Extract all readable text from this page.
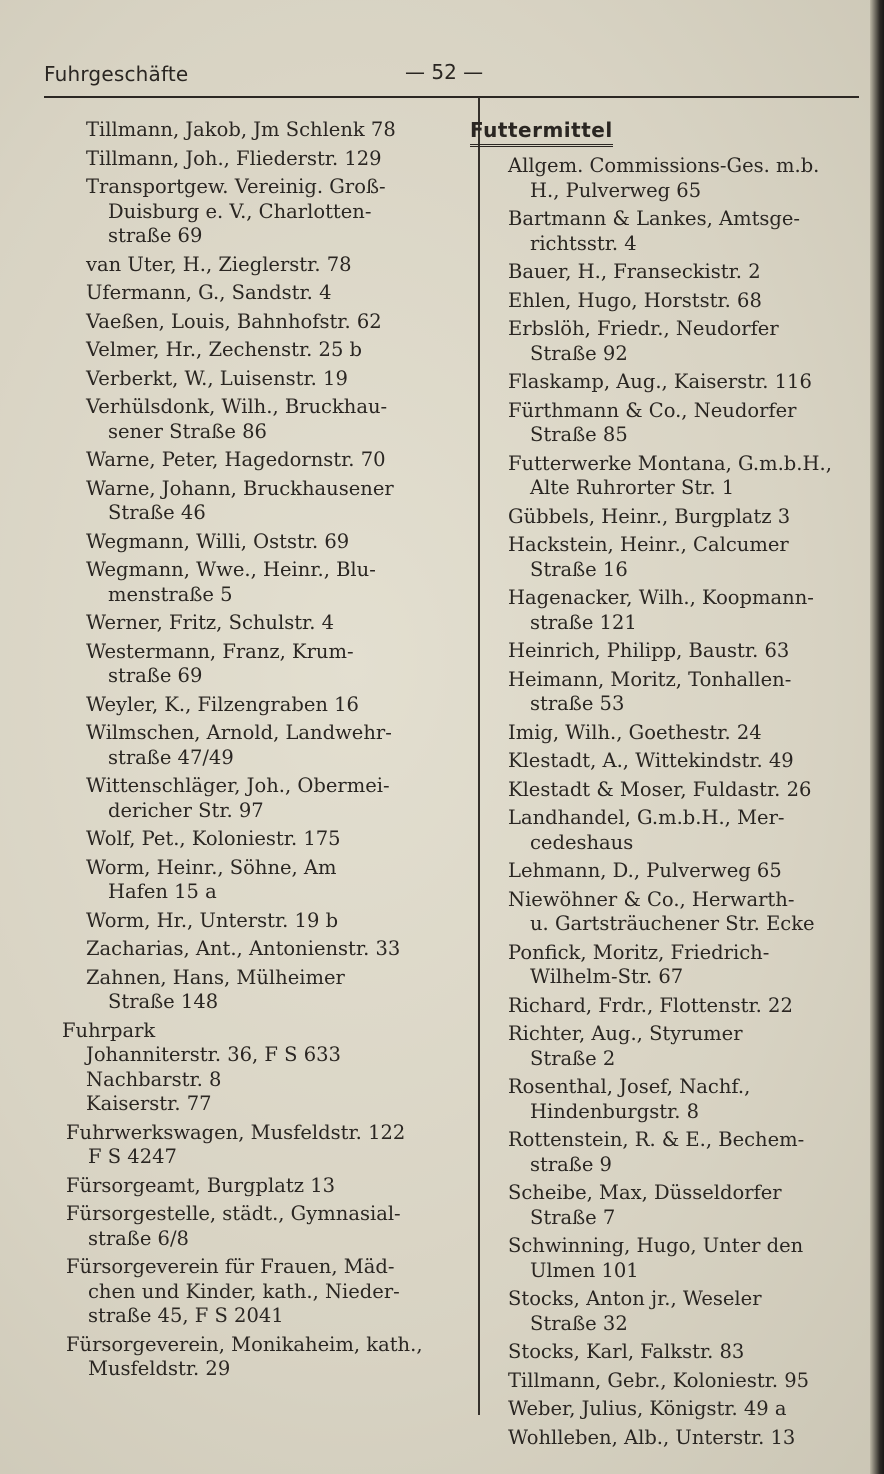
Fuhrgeschäfte	— 52 —
Tillmann, Jakob, Jm Schlenk 78
Tillmann, Joh., Fliederstr. 129
Transportgew. Vereinig. Groß-
Duisburg e. V., Charlotten-
straße 69
van Uter, H., Zieglerstr. 78
Ufermann, G., Sandstr. 4
Vaeßen, Louis, Bahnhofstr. 62
Velmer, Hr., Zechenstr. 25 b
Verberkt, W., Luisenstr. 19
Verhülsdonk, Wilh., Bruckhau-
sener Straße 86
Warne, Peter, Hagedornstr. 70
Warne, Johann, Bruckhausener
Straße 46
Wegmann, Willi, Oststr. 69
Wegmann, Wwe., Heinr., Blu-
menstraße 5
Werner, Fritz, Schulstr. 4
Westermann, Franz, Krum-
straße 69
Weyler, K., Filzengraben 16
Wilmschen, Arnold, Landwehr-
straße 47/49
Wittenschläger, Joh., Obermei-
dericher Str. 97
Wolf, Pet., Koloniestr. 175
Worm, Heinr., Söhne, Am
Hafen 15 a
Worm, Hr., Unterstr. 19 b
Zacharias, Ant., Antonienstr. 33
Zahnen, Hans, Mülheimer
Straße 148
Fuhrpark
Johanniterstr. 36, F S 633
Nachbarstr. 8
Kaiserstr. 77
Fuhrwerkswagen, Musfeldstr. 122
F S 4247
Fürsorgeamt, Burgplatz 13
Fürsorgestelle, städt., Gymnasial-
straße 6/8
Fürsorgeverein für Frauen, Mäd-
chen und Kinder, kath., Nieder-
straße 45, F S 2041
Fürsorgeverein, Monikaheim, kath.,
Musfeldstr. 29
Futtermittel
Allgem. Commissions-Ges. m.b.
H., Pulverweg 65
Bartmann & Lankes, Amtsge-
richtsstr. 4
Bauer, H., Franseckistr. 2
Ehlen, Hugo, Horststr. 68
Erbslöh, Friedr., Neudorfer
Straße 92
Flaskamp, Aug., Kaiserstr. 116
Fürthmann & Co., Neudorfer
Straße 85
Futterwerke Montana, G.m.b.H.,
Alte Ruhrorter Str. 1
Gübbels, Heinr., Burgplatz 3
Hackstein, Heinr., Calcumer
Straße 16
Hagenacker, Wilh., Koopmann-
straße 121
Heinrich, Philipp, Baustr. 63
Heimann, Moritz, Tonhallen-
straße 53
Imig, Wilh., Goethestr. 24
Klestadt, A., Wittekindstr. 49
Klestadt & Moser, Fuldastr. 26
Landhandel, G.m.b.H., Mer-
cedeshaus
Lehmann, D., Pulverweg 65
Niewöhner & Co., Herwarth-
u. Gartsträuchener Str. Ecke
Ponfick, Moritz, Friedrich-
Wilhelm-Str. 67
Richard, Frdr., Flottenstr. 22
Richter, Aug., Styrumer
Straße 2
Rosenthal, Josef, Nachf.,
Hindenburgstr. 8
Rottenstein, R. & E., Bechem-
straße 9
Scheibe, Max, Düsseldorfer
Straße 7
Schwinning, Hugo, Unter den
Ulmen 101
Stocks, Anton jr., Weseler
Straße 32
Stocks, Karl, Falkstr. 83
Tillmann, Gebr., Koloniestr. 95
Weber, Julius, Königstr. 49 a
Wohlleben, Alb., Unterstr. 13
